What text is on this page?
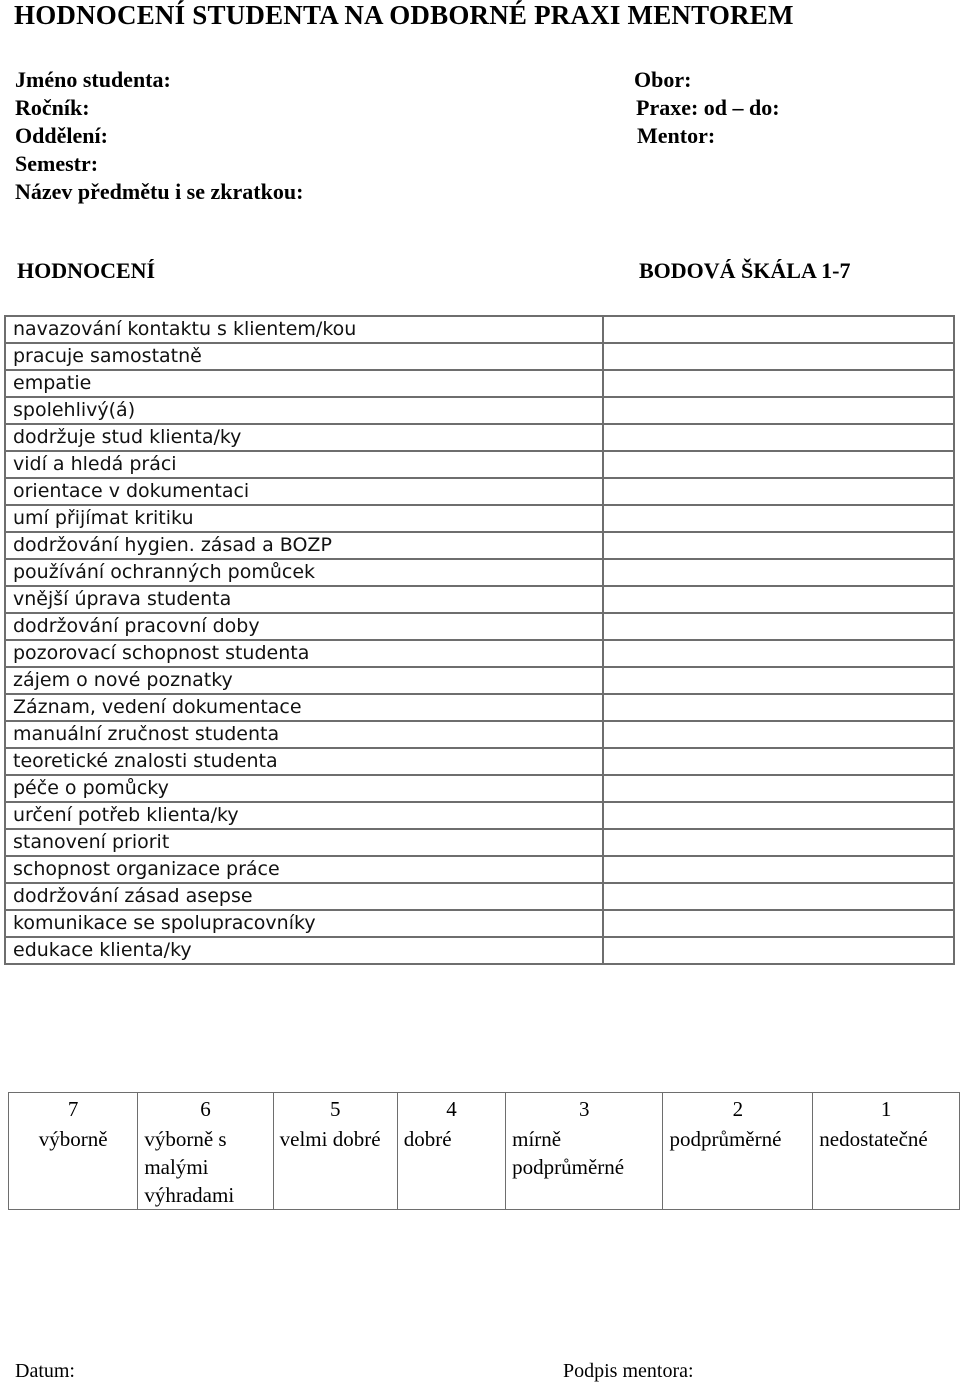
HODNOCENÍ STUDENTA NA ODBORNÉ PRAXI MENTOREM
Jméno studenta:
Ročník:
Oddělení:
Semestr:
Název předmětu i se zkratkou:
Obor:
Praxe: od – do:
Mentor:
HODNOCENÍ	BODOVÁ ŠKÁLA 1-7
navazování kontaktu s klientem/kou	
pracuje samostatně	
empatie	
spolehlivý(á)	
dodržuje stud klienta/ky	
vidí a hledá práci	
orientace v dokumentaci	
umí přijímat kritiku	
dodržování hygien. zásad a BOZP	
používání ochranných pomůcek	
vnější úprava studenta	
dodržování pracovní doby	
pozorovací schopnost studenta	
zájem o nové poznatky	
Záznam, vedení dokumentace	
manuální zručnost studenta	
teoretické znalosti studenta	
péče o pomůcky	
určení potřeb klienta/ky	
stanovení priorit	
schopnost organizace práce	
dodržování zásad asepse	
komunikace se spolupracovníky	
edukace klienta/ky	
7	6	5	4	3	2	1
výborně	výborně s malými výhradami	velmi dobré	dobré	mírně podprůměrné	podprůměrné	nedostatečné
Datum:	Podpis mentora:
